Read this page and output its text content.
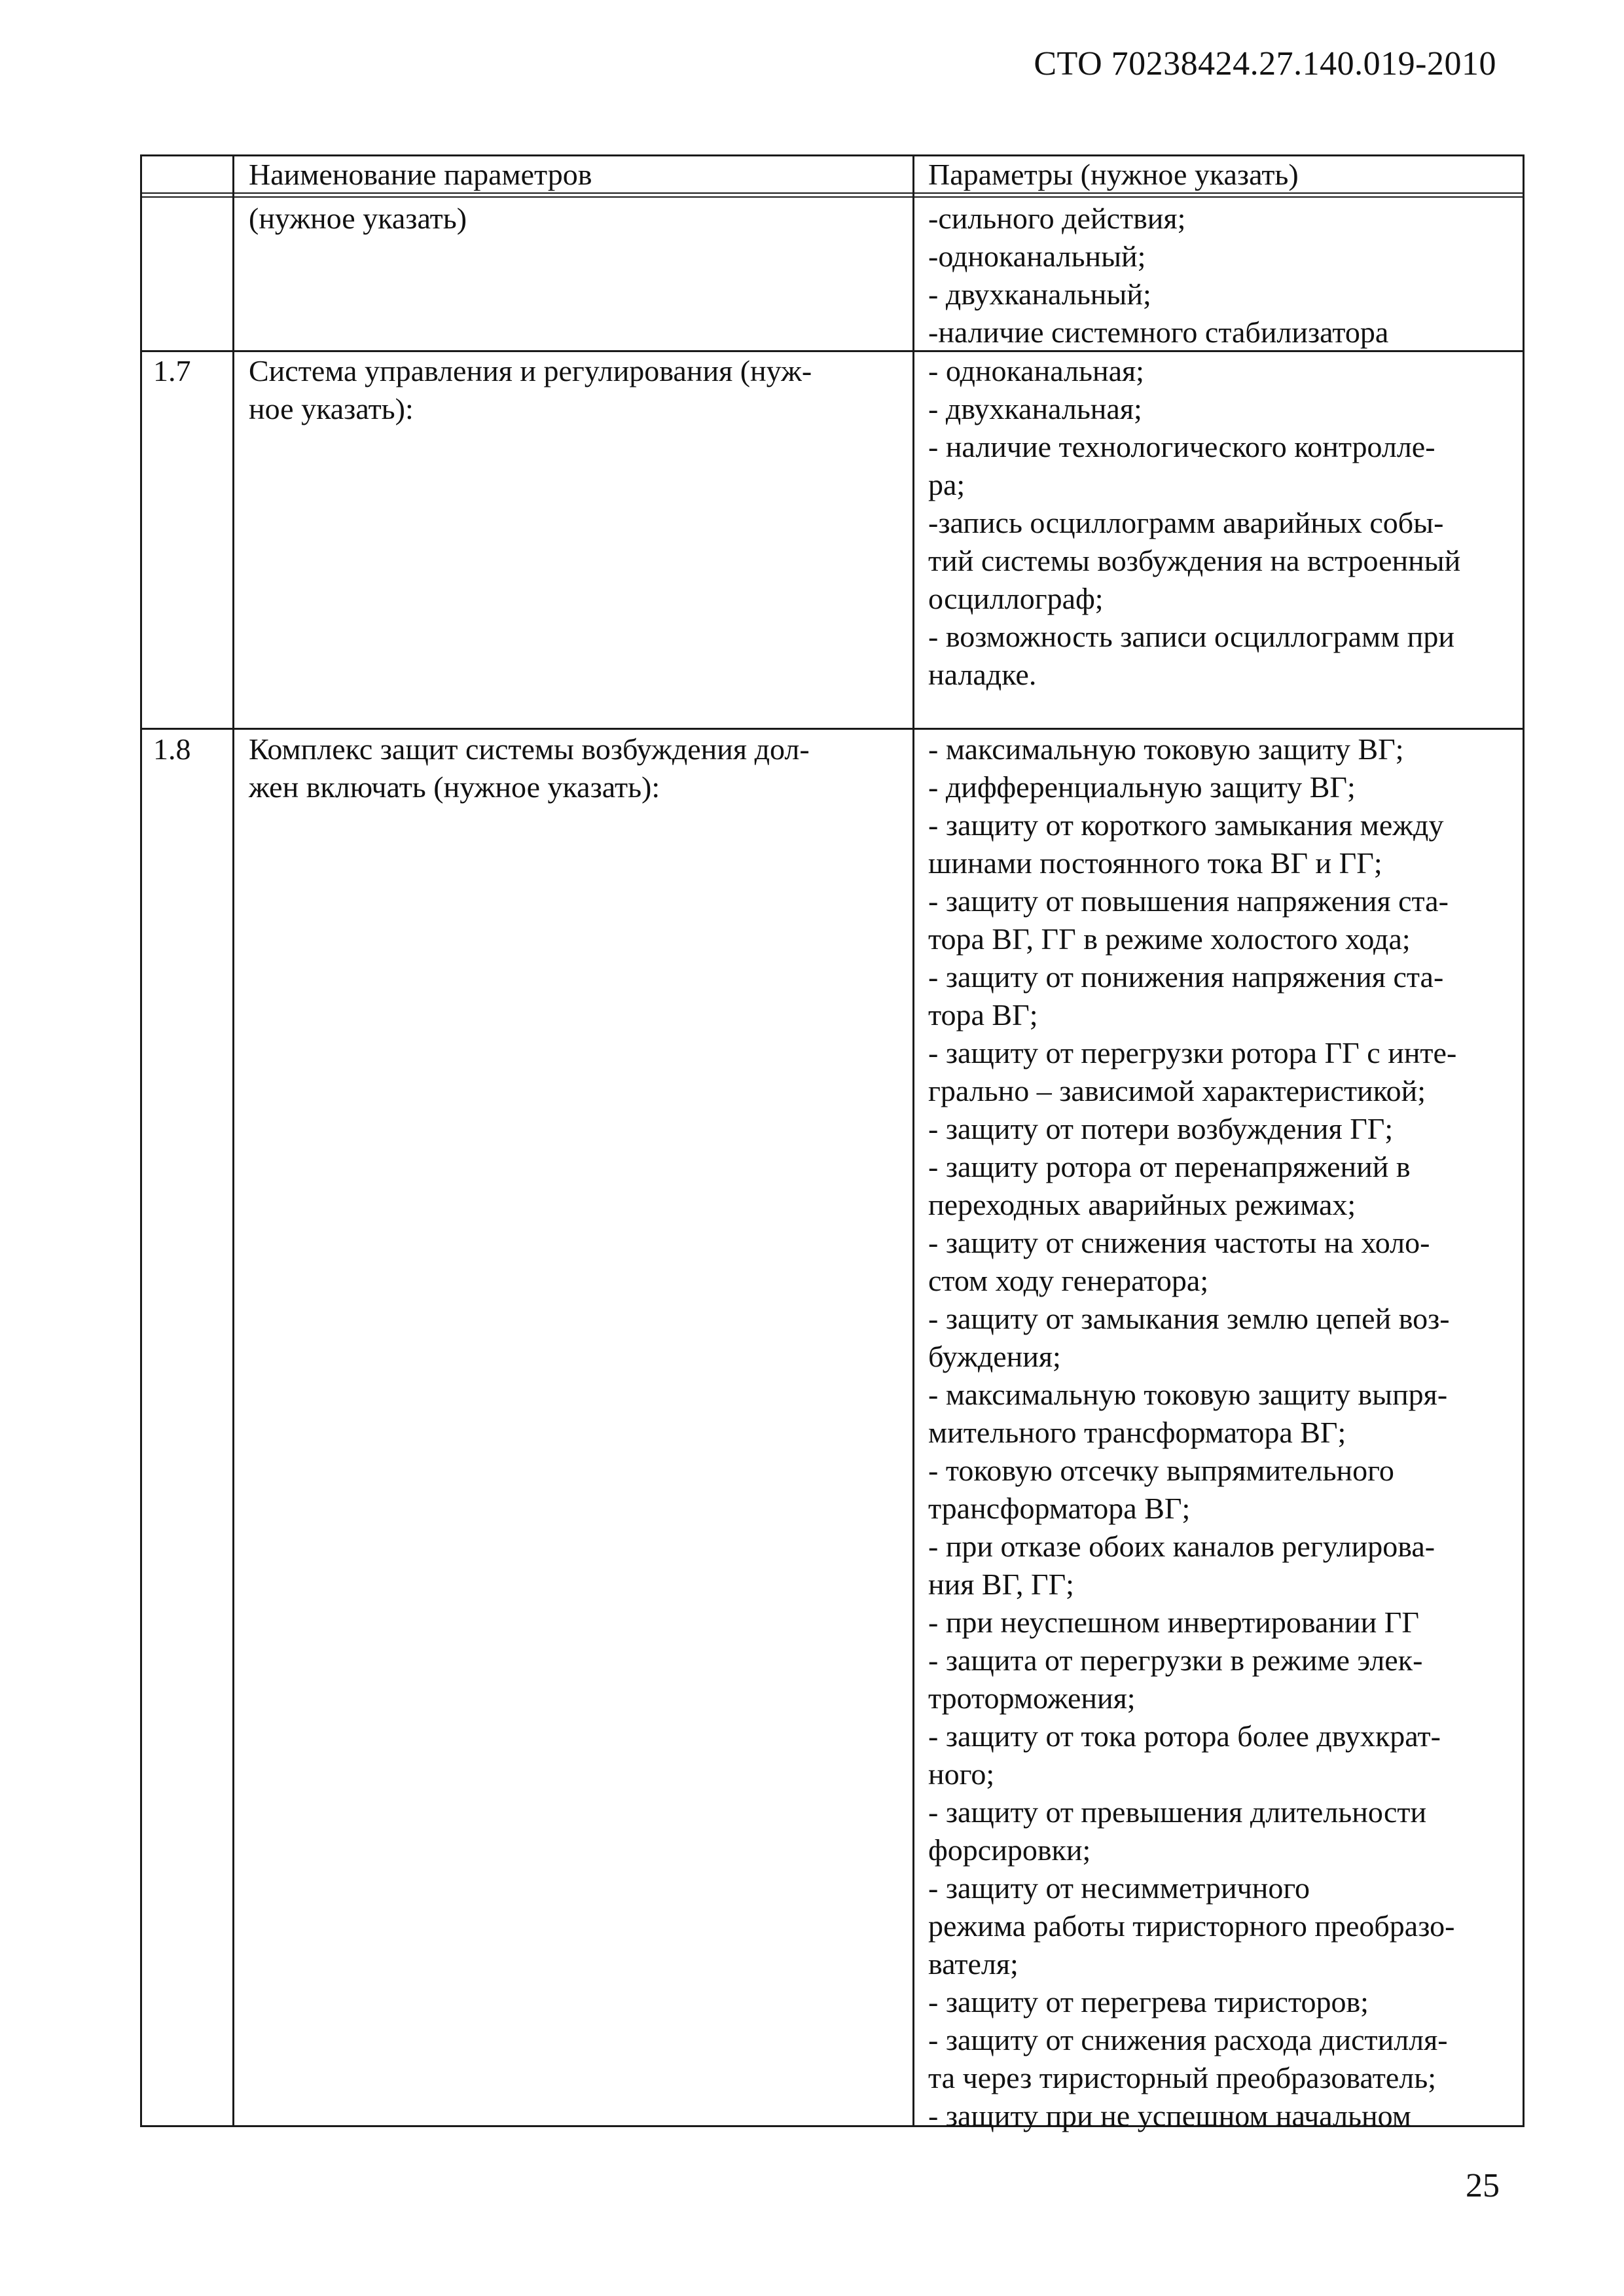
СТО 70238424.27.140.019-2010
Наименование параметров	Параметры (нужное указать)
(нужное указать)	-сильного действия;
-одноканальный;
- двухканальный;
-наличие системного стабилизатора
1.7 Система управления и регулирования (нуж-
ное указать):
- одноканальная;
- двухканальная;
- наличие технологического контролле-
ра;
-запись осциллограмм аварийных собы-
тий системы возбуждения на встроенный
осциллограф;
- возможность записи осциллограмм при
наладке.
1.8 Комплекс защит системы возбуждения дол-
жен включать (нужное указать):
- максимальную токовую защиту ВГ;
- дифференциальную защиту ВГ;
- защиту от короткого замыкания между
шинами постоянного тока ВГ и ГГ;
- защиту от повышения напряжения ста-
тора ВГ, ГГ в режиме холостого хода;
- защиту от понижения напряжения ста-
тора ВГ;
- защиту от перегрузки ротора ГГ с инте-
грально – зависимой характеристикой;
- защиту от потери возбуждения ГГ;
- защиту ротора от перенапряжений в
переходных аварийных режимах;
- защиту от снижения частоты на холо-
стом ходу генератора;
- защиту от замыкания землю цепей воз-
буждения;
- максимальную токовую защиту выпря-
мительного трансформатора ВГ;
- токовую отсечку выпрямительного
трансформатора ВГ;
- при отказе обоих каналов регулирова-
ния ВГ, ГГ;
- при неуспешном инвертировании ГГ
- защита от перегрузки в режиме элек-
троторможения;
- защиту от тока ротора более двухкрат-
ного;
- защиту от превышения длительности
форсировки;
- защиту от несимметричного
режима работы тиристорного преобразо-
вателя;
- защиту от перегрева тиристоров;
- защиту от снижения расхода дистилля-
та через тиристорный преобразователь;
- защиту при не успешном начальном
25
